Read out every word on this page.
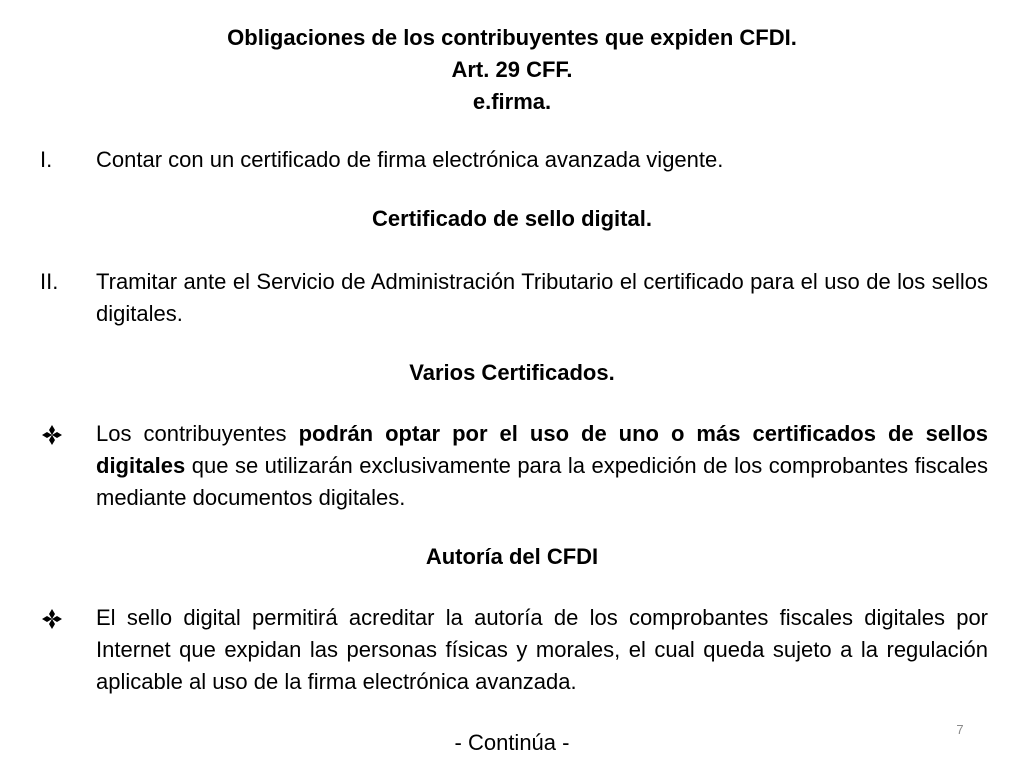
Obligaciones de los contribuyentes que expiden CFDI.
Art. 29 CFF.
e.firma.
I.	Contar con un certificado de firma electrónica avanzada vigente.
Certificado de sello digital.
II.	Tramitar ante el Servicio de Administración Tributario el certificado para el uso de los sellos digitales.
Varios Certificados.
Los contribuyentes podrán optar por el uso de uno o más certificados de sellos digitales que se utilizarán exclusivamente para la expedición de los comprobantes fiscales mediante documentos digitales.
Autoría del CFDI
El sello digital permitirá acreditar la autoría de los comprobantes fiscales digitales por Internet que expidan las personas físicas y morales, el cual queda sujeto a la regulación aplicable al uso de la firma electrónica avanzada.
7
- Continúa -
